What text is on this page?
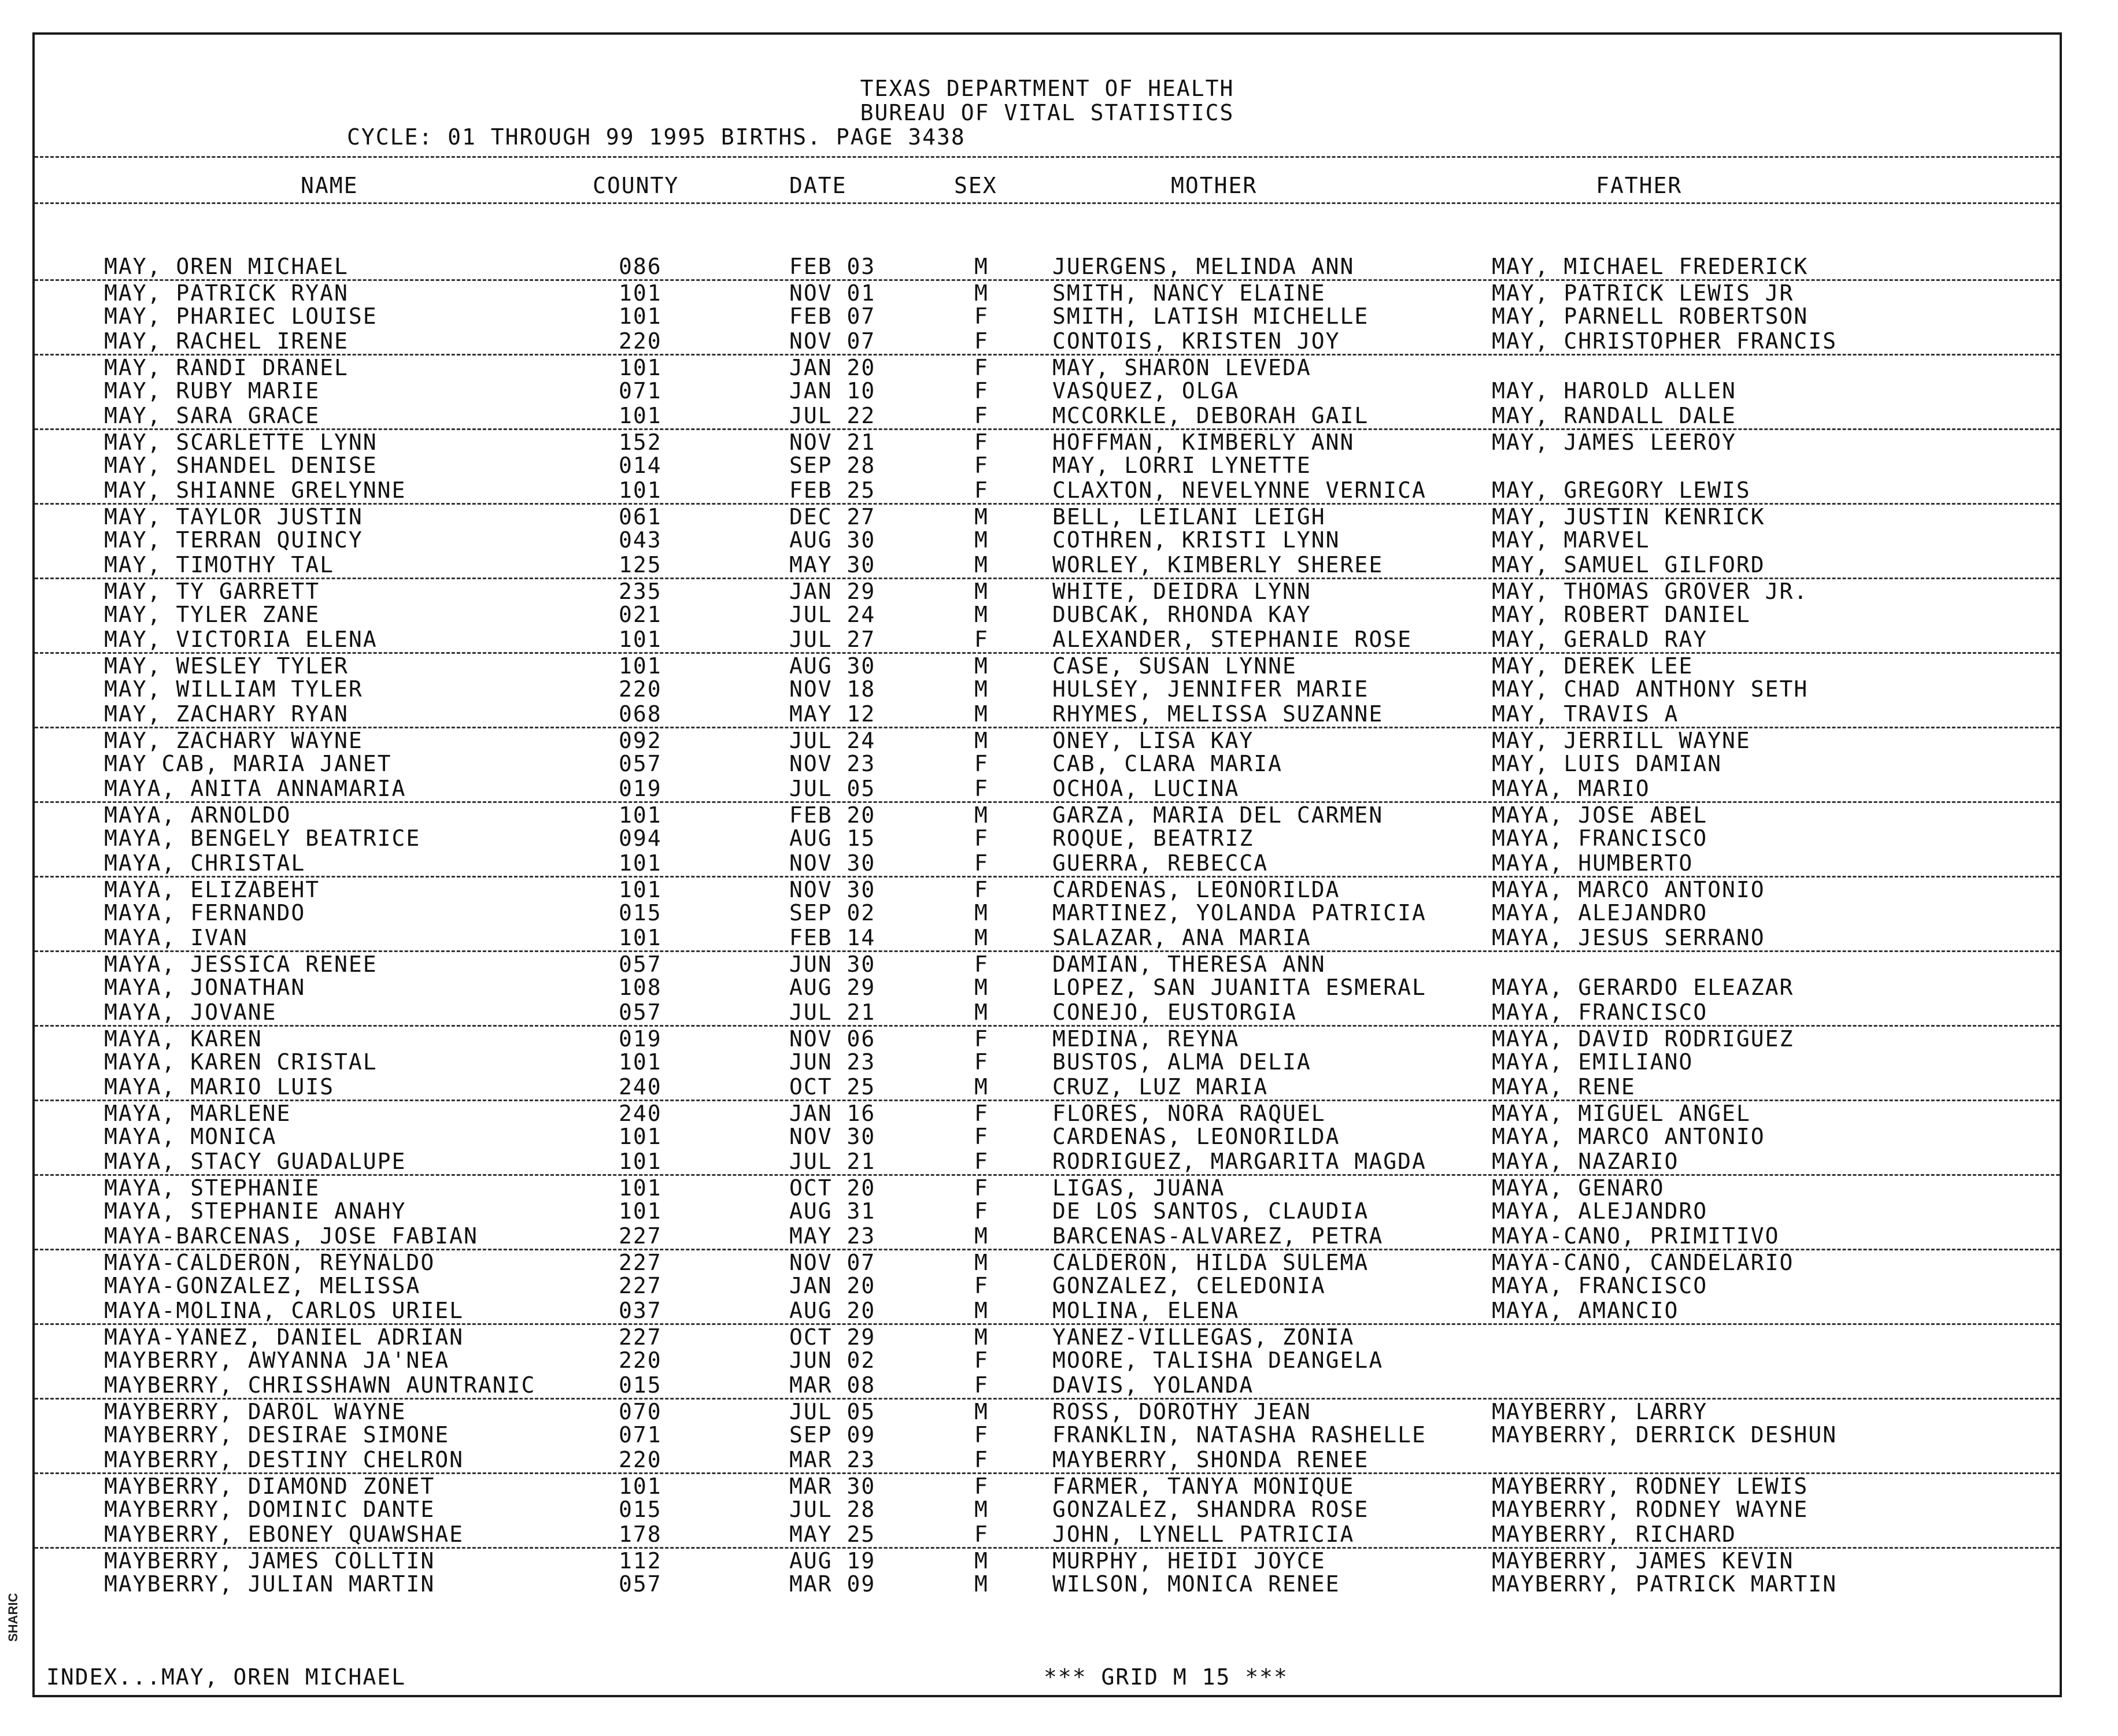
TEXAS DEPARTMENT OF HEALTH
BUREAU OF VITAL STATISTICS
CYCLE: 01 THROUGH 99 1995 BIRTHS. PAGE 3438
NAME	COUNTY	DATE	SEX	MOTHER	FATHER
MAY, OREN MICHAEL	086	FEB 03	M	JUERGENS, MELINDA ANN	MAY, MICHAEL FREDERICK
MAY, PATRICK RYAN	101	NOV 01	M	SMITH, NANCY ELAINE	MAY, PATRICK LEWIS JR
MAY, PHARIEC LOUISE	101	FEB 07	F	SMITH, LATISH MICHELLE	MAY, PARNELL ROBERTSON
MAY, RACHEL IRENE	220	NOV 07	F	CONTOIS, KRISTEN JOY	MAY, CHRISTOPHER FRANCIS
MAY, RANDI DRANEL	101	JAN 20	F	MAY, SHARON LEVEDA
MAY, RUBY MARIE	071	JAN 10	F	VASQUEZ, OLGA	MAY, HAROLD ALLEN
MAY, SARA GRACE	101	JUL 22	F	MCCORKLE, DEBORAH GAIL	MAY, RANDALL DALE
MAY, SCARLETTE LYNN	152	NOV 21	F	HOFFMAN, KIMBERLY ANN	MAY, JAMES LEEROY
MAY, SHANDEL DENISE	014	SEP 28	F	MAY, LORRI LYNETTE
MAY, SHIANNE GRELYNNE	101	FEB 25	F	CLAXTON, NEVELYNNE VERNICA	MAY, GREGORY LEWIS
MAY, TAYLOR JUSTIN	061	DEC 27	M	BELL, LEILANI LEIGH	MAY, JUSTIN KENRICK
MAY, TERRAN QUINCY	043	AUG 30	M	COTHREN, KRISTI LYNN	MAY, MARVEL
MAY, TIMOTHY TAL	125	MAY 30	M	WORLEY, KIMBERLY SHEREE	MAY, SAMUEL GILFORD
MAY, TY GARRETT	235	JAN 29	M	WHITE, DEIDRA LYNN	MAY, THOMAS GROVER JR.
MAY, TYLER ZANE	021	JUL 24	M	DUBCAK, RHONDA KAY	MAY, ROBERT DANIEL
MAY, VICTORIA ELENA	101	JUL 27	F	ALEXANDER, STEPHANIE ROSE	MAY, GERALD RAY
MAY, WESLEY TYLER	101	AUG 30	M	CASE, SUSAN LYNNE	MAY, DEREK LEE
MAY, WILLIAM TYLER	220	NOV 18	M	HULSEY, JENNIFER MARIE	MAY, CHAD ANTHONY SETH
MAY, ZACHARY RYAN	068	MAY 12	M	RHYMES, MELISSA SUZANNE	MAY, TRAVIS A
MAY, ZACHARY WAYNE	092	JUL 24	M	ONEY, LISA KAY	MAY, JERRILL WAYNE
MAY CAB, MARIA JANET	057	NOV 23	F	CAB, CLARA MARIA	MAY, LUIS DAMIAN
MAYA, ANITA ANNAMARIA	019	JUL 05	F	OCHOA, LUCINA	MAYA, MARIO
MAYA, ARNOLDO	101	FEB 20	M	GARZA, MARIA DEL CARMEN	MAYA, JOSE ABEL
MAYA, BENGELY BEATRICE	094	AUG 15	F	ROQUE, BEATRIZ	MAYA, FRANCISCO
MAYA, CHRISTAL	101	NOV 30	F	GUERRA, REBECCA	MAYA, HUMBERTO
MAYA, ELIZABEHT	101	NOV 30	F	CARDENAS, LEONORILDA	MAYA, MARCO ANTONIO
MAYA, FERNANDO	015	SEP 02	M	MARTINEZ, YOLANDA PATRICIA	MAYA, ALEJANDRO
MAYA, IVAN	101	FEB 14	M	SALAZAR, ANA MARIA	MAYA, JESUS SERRANO
MAYA, JESSICA RENEE	057	JUN 30	F	DAMIAN, THERESA ANN
MAYA, JONATHAN	108	AUG 29	M	LOPEZ, SAN JUANITA ESMERAL	MAYA, GERARDO ELEAZAR
MAYA, JOVANE	057	JUL 21	M	CONEJO, EUSTORGIA	MAYA, FRANCISCO
MAYA, KAREN	019	NOV 06	F	MEDINA, REYNA	MAYA, DAVID RODRIGUEZ
MAYA, KAREN CRISTAL	101	JUN 23	F	BUSTOS, ALMA DELIA	MAYA, EMILIANO
MAYA, MARIO LUIS	240	OCT 25	M	CRUZ, LUZ MARIA	MAYA, RENE
MAYA, MARLENE	240	JAN 16	F	FLORES, NORA RAQUEL	MAYA, MIGUEL ANGEL
MAYA, MONICA	101	NOV 30	F	CARDENAS, LEONORILDA	MAYA, MARCO ANTONIO
MAYA, STACY GUADALUPE	101	JUL 21	F	RODRIGUEZ, MARGARITA MAGDA	MAYA, NAZARIO
MAYA, STEPHANIE	101	OCT 20	F	LIGAS, JUANA	MAYA, GENARO
MAYA, STEPHANIE ANAHY	101	AUG 31	F	DE LOS SANTOS, CLAUDIA	MAYA, ALEJANDRO
MAYA-BARCENAS, JOSE FABIAN	227	MAY 23	M	BARCENAS-ALVAREZ, PETRA	MAYA-CANO, PRIMITIVO
MAYA-CALDERON, REYNALDO	227	NOV 07	M	CALDERON, HILDA SULEMA	MAYA-CANO, CANDELARIO
MAYA-GONZALEZ, MELISSA	227	JAN 20	F	GONZALEZ, CELEDONIA	MAYA, FRANCISCO
MAYA-MOLINA, CARLOS URIEL	037	AUG 20	M	MOLINA, ELENA	MAYA, AMANCIO
MAYA-YANEZ, DANIEL ADRIAN	227	OCT 29	M	YANEZ-VILLEGAS, ZONIA
MAYBERRY, AWYANNA JA'NEA	220	JUN 02	F	MOORE, TALISHA DEANGELA
MAYBERRY, CHRISSHAWN AUNTRANIC	015	MAR 08	F	DAVIS, YOLANDA
MAYBERRY, DAROL WAYNE	070	JUL 05	M	ROSS, DOROTHY JEAN	MAYBERRY, LARRY
MAYBERRY, DESIRAE SIMONE	071	SEP 09	F	FRANKLIN, NATASHA RASHELLE	MAYBERRY, DERRICK DESHUN
MAYBERRY, DESTINY CHELRON	220	MAR 23	F	MAYBERRY, SHONDA RENEE
MAYBERRY, DIAMOND ZONET	101	MAR 30	F	FARMER, TANYA MONIQUE	MAYBERRY, RODNEY LEWIS
MAYBERRY, DOMINIC DANTE	015	JUL 28	M	GONZALEZ, SHANDRA ROSE	MAYBERRY, RODNEY WAYNE
MAYBERRY, EBONEY QUAWSHAE	178	MAY 25	F	JOHN, LYNELL PATRICIA	MAYBERRY, RICHARD
MAYBERRY, JAMES COLLTIN	112	AUG 19	M	MURPHY, HEIDI JOYCE	MAYBERRY, JAMES KEVIN
MAYBERRY, JULIAN MARTIN	057	MAR 09	M	WILSON, MONICA RENEE	MAYBERRY, PATRICK MARTIN
INDEX...MAY, OREN MICHAEL	*** GRID M 15 ***
SHARIC
